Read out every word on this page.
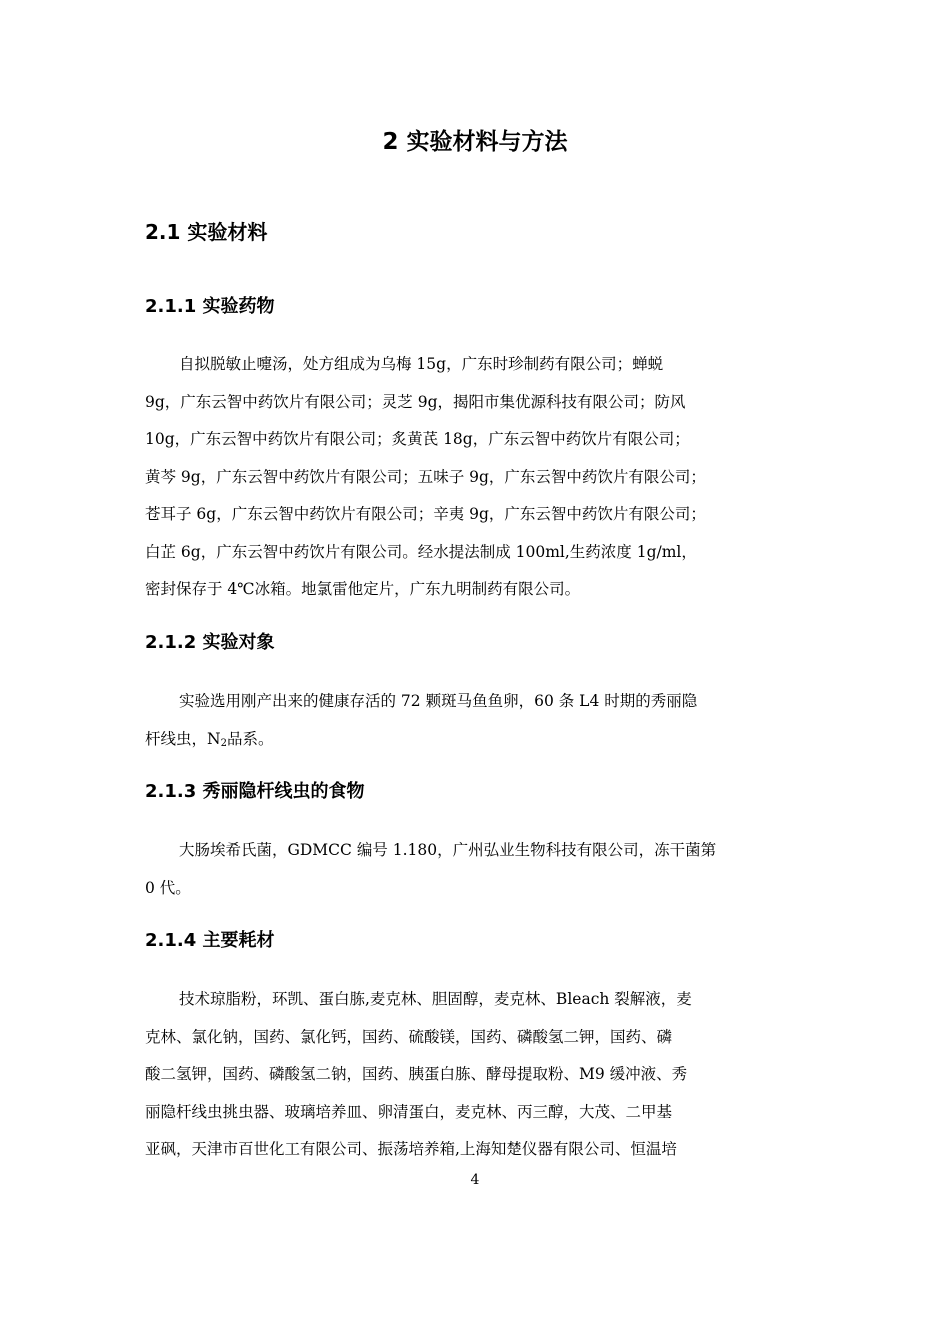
2 实验材料与方法
2.1 实验材料
2.1.1 实验药物
自拟脱敏止嚏汤，处方组成为乌梅 15g，广东时珍制药有限公司；蝉蜕
9g，广东云智中药饮片有限公司；灵芝 9g，揭阳市集优源科技有限公司；防风
10g，广东云智中药饮片有限公司；炙黄芪 18g，广东云智中药饮片有限公司；
黄芩 9g，广东云智中药饮片有限公司；五味子 9g，广东云智中药饮片有限公司；
苍耳子 6g，广东云智中药饮片有限公司；辛夷 9g，广东云智中药饮片有限公司；
白芷 6g，广东云智中药饮片有限公司。经水提法制成 100ml,生药浓度 1g/ml，
密封保存于 4℃冰箱。地氯雷他定片，广东九明制药有限公司。
2.1.2 实验对象
实验选用刚产出来的健康存活的 72 颗斑马鱼鱼卵，60 条 L4 时期的秀丽隐
杆线虫，$N_2$品系。
2.1.3 秀丽隐杆线虫的食物
大肠埃希氏菌，GDMCC 编号 1.180，广州弘业生物科技有限公司，冻干菌第
0 代。
2.1.4 主要耗材
技术琼脂粉，环凯、蛋白胨,麦克林、胆固醇，麦克林、Bleach 裂解液，麦
克林、氯化钠，国药、氯化钙，国药、硫酸镁，国药、磷酸氢二钾，国药、磷
酸二氢钾，国药、磷酸氢二钠，国药、胰蛋白胨、酵母提取粉、M9 缓冲液、秀
丽隐杆线虫挑虫器、玻璃培养皿、卵清蛋白，麦克林、丙三醇，大茂、二甲基
亚砜，天津市百世化工有限公司、振荡培养箱,上海知楚仪器有限公司、恒温培
4
